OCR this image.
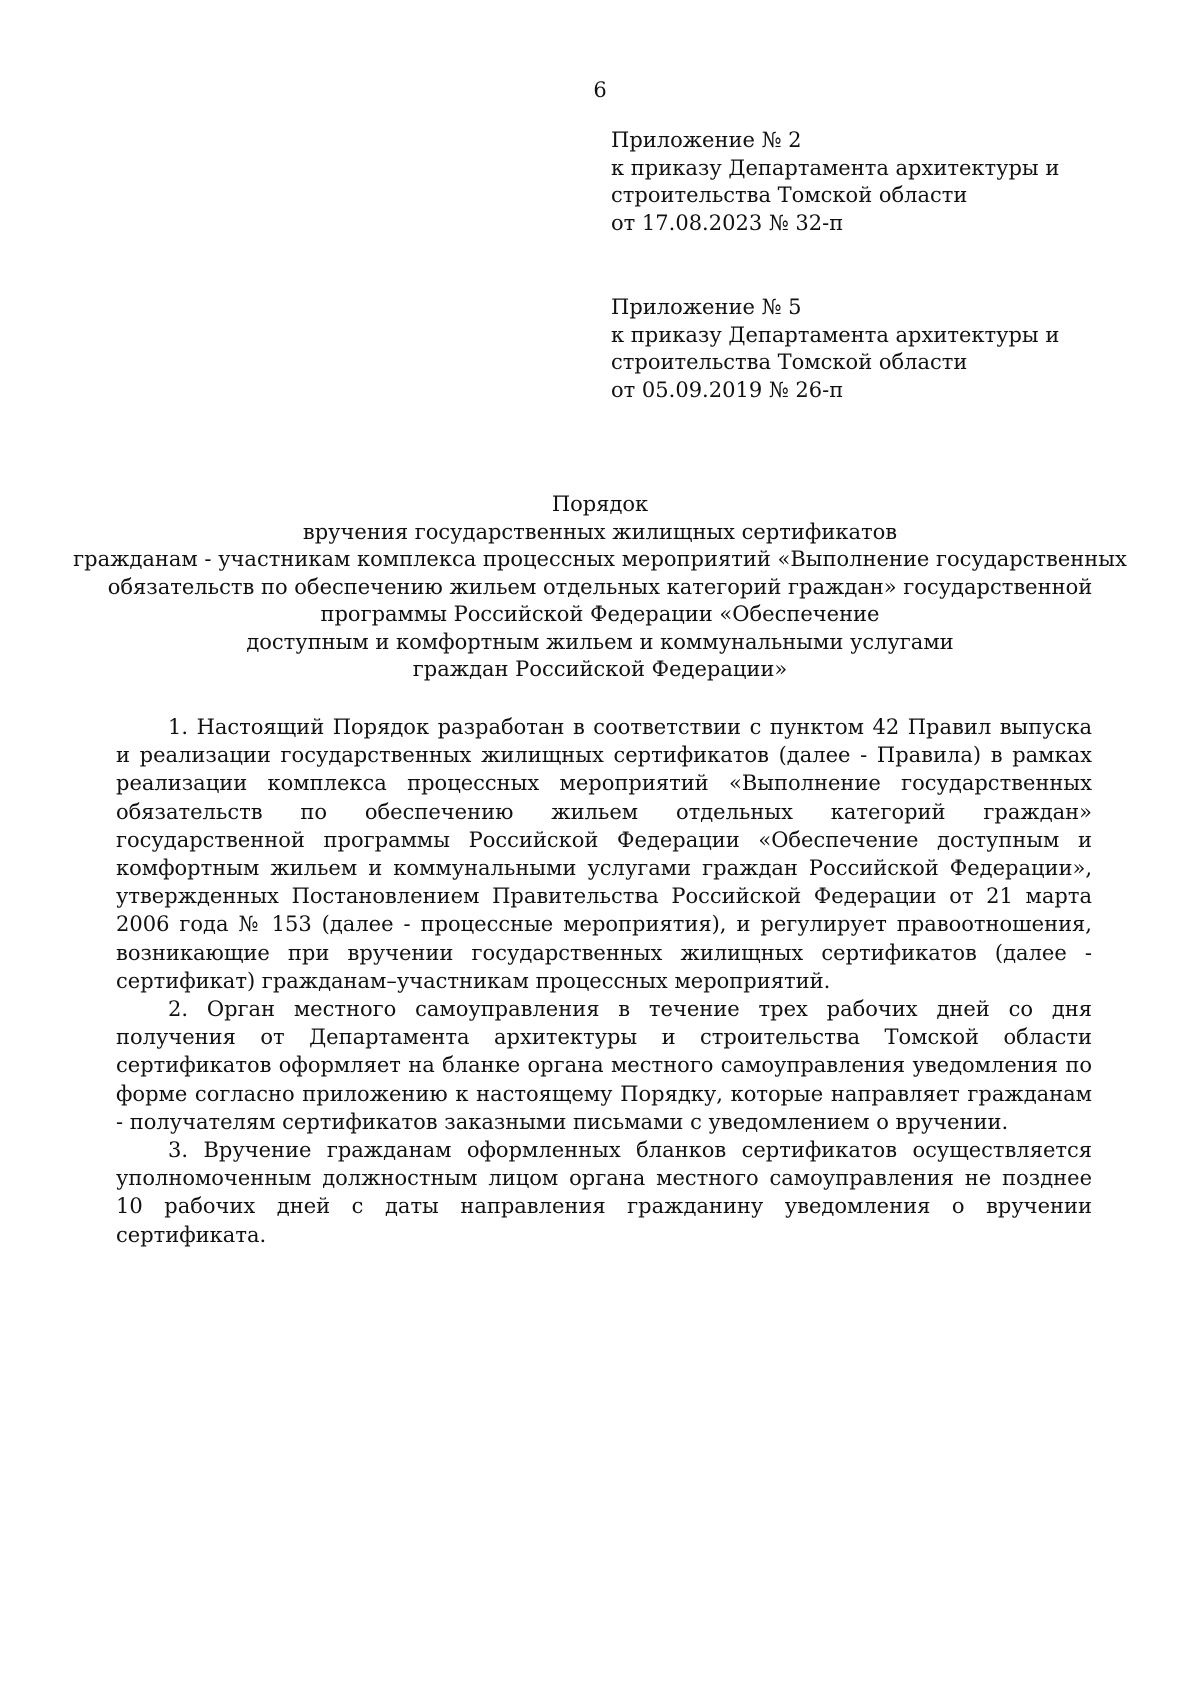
6
Приложение № 2
к приказу Департамента архитектуры и
строительства Томской области
от 17.08.2023 № 32-п
Приложение № 5
к приказу Департамента архитектуры и
строительства Томской области
от 05.09.2019 № 26-п
Порядок
вручения государственных жилищных сертификатов
гражданам - участникам комплекса процессных мероприятий «Выполнение государственных
обязательств по обеспечению жильем отдельных категорий граждан» государственной
программы Российской Федерации «Обеспечение
доступным и комфортным жильем и коммунальными услугами
граждан Российской Федерации»

1. Настоящий Порядок разработан в соответствии с пунктом 42 Правил выпуска и реализации государственных жилищных сертификатов (далее - Правила) в рамках реализации комплекса процессных мероприятий «Выполнение государственных обязательств по обеспечению жильем отдельных категорий граждан» государственной программы Российской Федерации «Обеспечение доступным и комфортным жильем и коммунальными услугами граждан Российской Федерации», утвержденных Постановлением Правительства Российской Федерации от 21 марта 2006 года № 153 (далее - процессные мероприятия), и регулирует правоотношения, возникающие при вручении государственных жилищных сертификатов (далее - сертификат) гражданам–участникам процессных мероприятий.

2. Орган местного самоуправления в течение трех рабочих дней со дня получения от Департамента архитектуры и строительства Томской области сертификатов оформляет на бланке органа местного самоуправления уведомления по форме согласно приложению к настоящему Порядку, которые направляет гражданам - получателям сертификатов заказными письмами с уведомлением о вручении.

3. Вручение гражданам оформленных бланков сертификатов осуществляется уполномоченным должностным лицом органа местного самоуправления не позднее 10 рабочих дней с даты направления гражданину уведомления о вручении сертификата.
